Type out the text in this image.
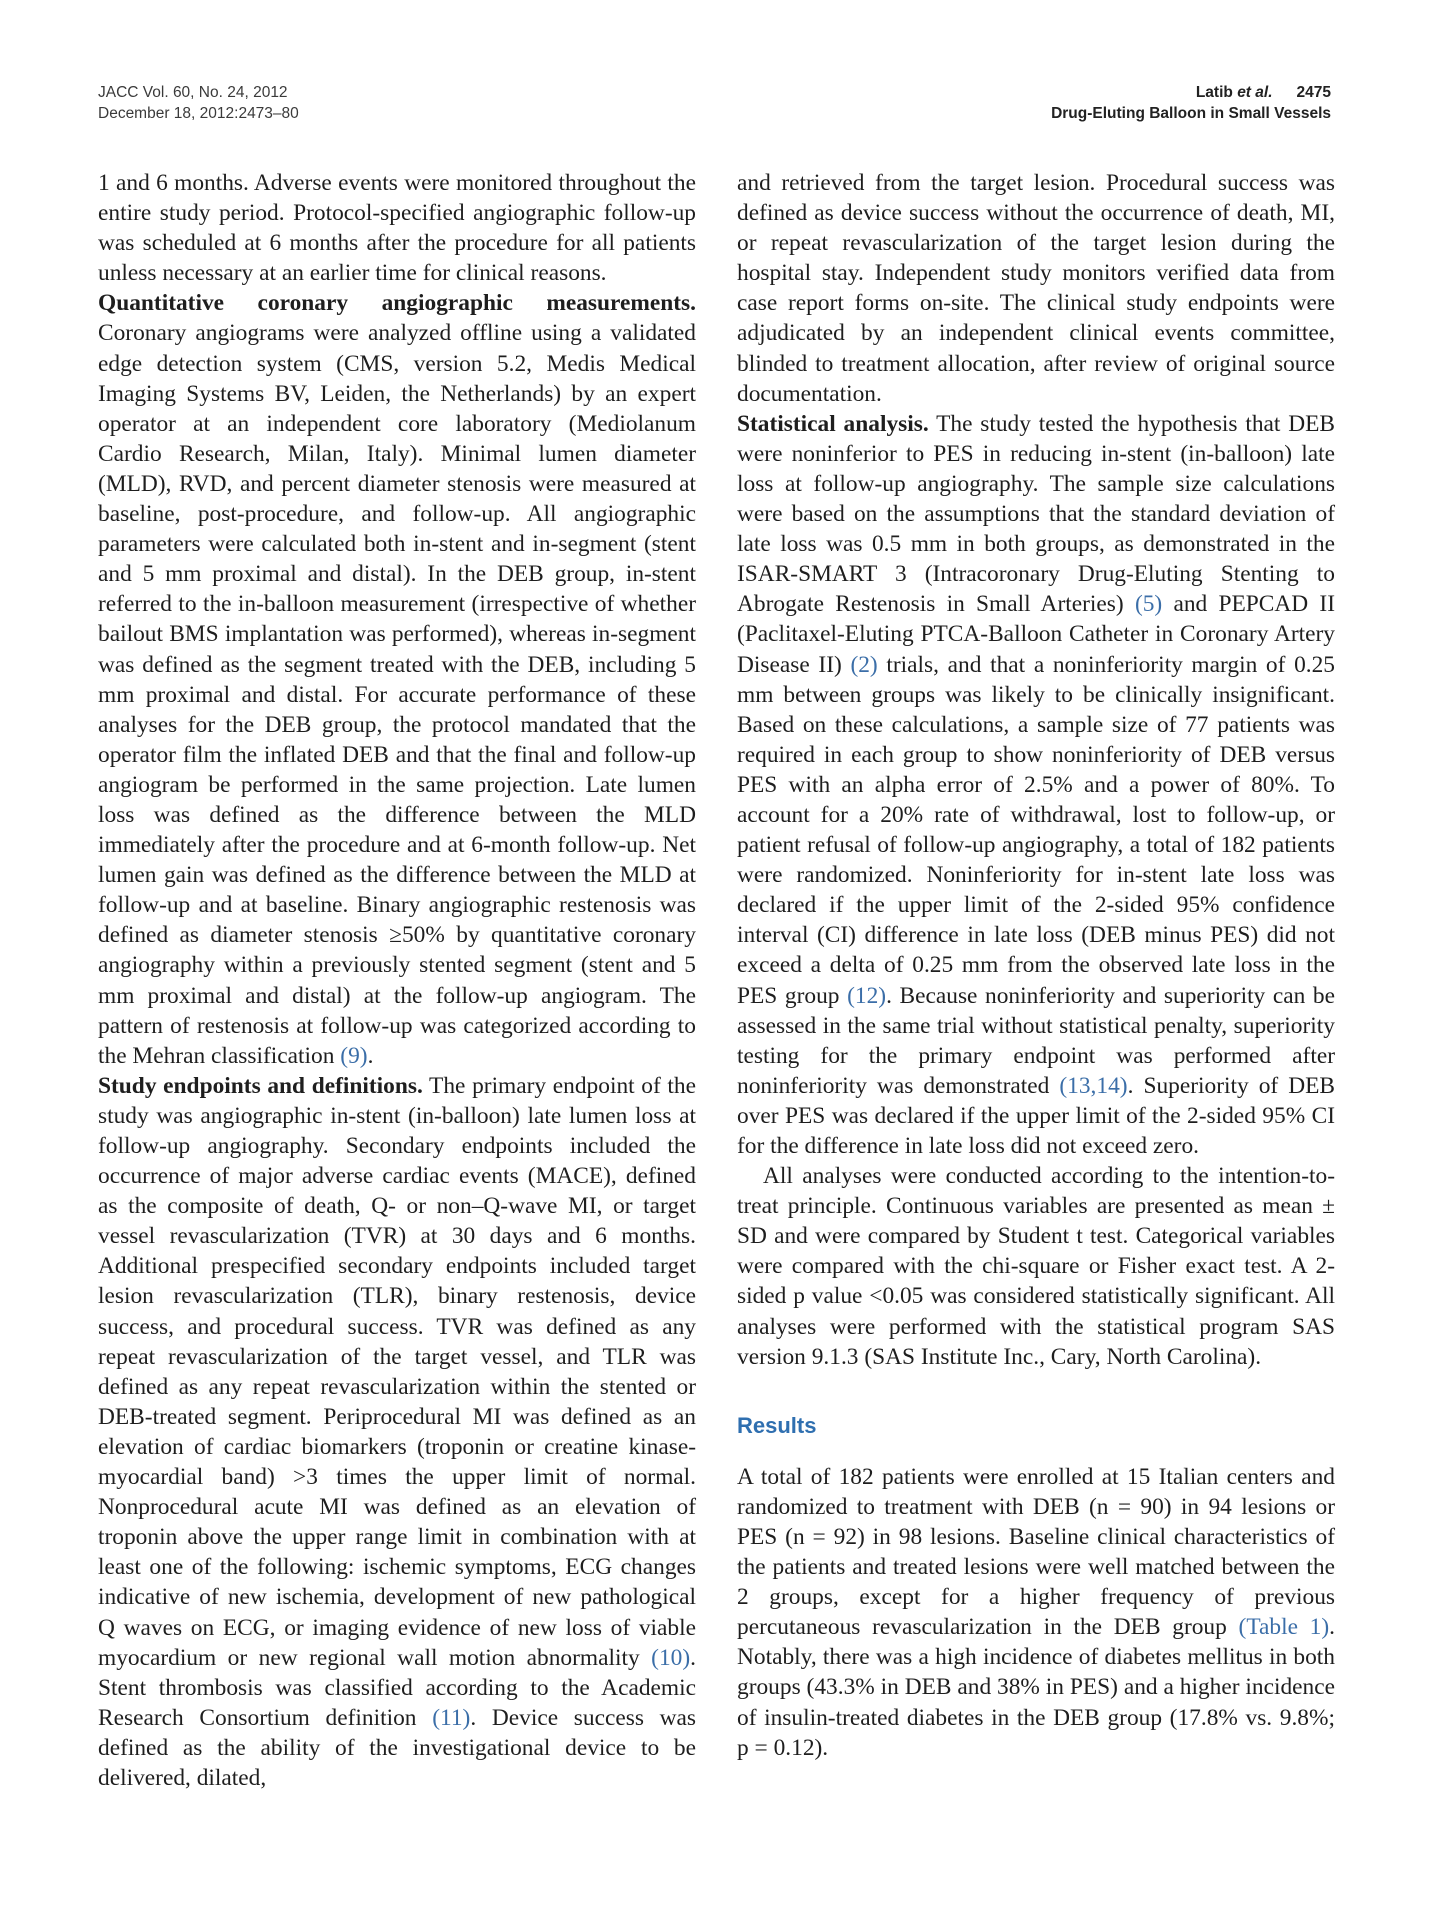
JACC Vol. 60, No. 24, 2012
December 18, 2012:2473–80
Latib et al. 2475
Drug-Eluting Balloon in Small Vessels

1 and 6 months. Adverse events were monitored throughout the entire study period. Protocol-specified angiographic follow-up was scheduled at 6 months after the procedure for all patients unless necessary at an earlier time for clinical reasons.

Quantitative coronary angiographic measurements. Coronary angiograms were analyzed offline using a validated edge detection system (CMS, version 5.2, Medis Medical Imaging Systems BV, Leiden, the Netherlands) by an expert operator at an independent core laboratory (Mediolanum Cardio Research, Milan, Italy). Minimal lumen diameter (MLD), RVD, and percent diameter stenosis were measured at baseline, post-procedure, and follow-up. All angiographic parameters were calculated both in-stent and in-segment (stent and 5 mm proximal and distal). In the DEB group, in-stent referred to the in-balloon measurement (irrespective of whether bailout BMS implantation was performed), whereas in-segment was defined as the segment treated with the DEB, including 5 mm proximal and distal. For accurate performance of these analyses for the DEB group, the protocol mandated that the operator film the inflated DEB and that the final and follow-up angiogram be performed in the same projection. Late lumen loss was defined as the difference between the MLD immediately after the procedure and at 6-month follow-up. Net lumen gain was defined as the difference between the MLD at follow-up and at baseline. Binary angiographic restenosis was defined as diameter stenosis ≥50% by quantitative coronary angiography within a previously stented segment (stent and 5 mm proximal and distal) at the follow-up angiogram. The pattern of restenosis at follow-up was categorized according to the Mehran classification (9).

Study endpoints and definitions. The primary endpoint of the study was angiographic in-stent (in-balloon) late lumen loss at follow-up angiography. Secondary endpoints included the occurrence of major adverse cardiac events (MACE), defined as the composite of death, Q- or non–Q-wave MI, or target vessel revascularization (TVR) at 30 days and 6 months. Additional prespecified secondary endpoints included target lesion revascularization (TLR), binary restenosis, device success, and procedural success. TVR was defined as any repeat revascularization of the target vessel, and TLR was defined as any repeat revascularization within the stented or DEB-treated segment. Periprocedural MI was defined as an elevation of cardiac biomarkers (troponin or creatine kinase-myocardial band) >3 times the upper limit of normal. Nonprocedural acute MI was defined as an elevation of troponin above the upper range limit in combination with at least one of the following: ischemic symptoms, ECG changes indicative of new ischemia, development of new pathological Q waves on ECG, or imaging evidence of new loss of viable myocardium or new regional wall motion abnormality (10). Stent thrombosis was classified according to the Academic Research Consortium definition (11). Device success was defined as the ability of the investigational device to be delivered, dilated,

and retrieved from the target lesion. Procedural success was defined as device success without the occurrence of death, MI, or repeat revascularization of the target lesion during the hospital stay. Independent study monitors verified data from case report forms on-site. The clinical study endpoints were adjudicated by an independent clinical events committee, blinded to treatment allocation, after review of original source documentation.

Statistical analysis. The study tested the hypothesis that DEB were noninferior to PES in reducing in-stent (in-balloon) late loss at follow-up angiography. The sample size calculations were based on the assumptions that the standard deviation of late loss was 0.5 mm in both groups, as demonstrated in the ISAR-SMART 3 (Intracoronary Drug-Eluting Stenting to Abrogate Restenosis in Small Arteries) (5) and PEPCAD II (Paclitaxel-Eluting PTCA-Balloon Catheter in Coronary Artery Disease II) (2) trials, and that a noninferiority margin of 0.25 mm between groups was likely to be clinically insignificant. Based on these calculations, a sample size of 77 patients was required in each group to show noninferiority of DEB versus PES with an alpha error of 2.5% and a power of 80%. To account for a 20% rate of withdrawal, lost to follow-up, or patient refusal of follow-up angiography, a total of 182 patients were randomized. Noninferiority for in-stent late loss was declared if the upper limit of the 2-sided 95% confidence interval (CI) difference in late loss (DEB minus PES) did not exceed a delta of 0.25 mm from the observed late loss in the PES group (12). Because noninferiority and superiority can be assessed in the same trial without statistical penalty, superiority testing for the primary endpoint was performed after noninferiority was demonstrated (13,14). Superiority of DEB over PES was declared if the upper limit of the 2-sided 95% CI for the difference in late loss did not exceed zero.

All analyses were conducted according to the intention-to-treat principle. Continuous variables are presented as mean ± SD and were compared by Student t test. Categorical variables were compared with the chi-square or Fisher exact test. A 2-sided p value <0.05 was considered statistically significant. All analyses were performed with the statistical program SAS version 9.1.3 (SAS Institute Inc., Cary, North Carolina).

Results

A total of 182 patients were enrolled at 15 Italian centers and randomized to treatment with DEB (n = 90) in 94 lesions or PES (n = 92) in 98 lesions. Baseline clinical characteristics of the patients and treated lesions were well matched between the 2 groups, except for a higher frequency of previous percutaneous revascularization in the DEB group (Table 1). Notably, there was a high incidence of diabetes mellitus in both groups (43.3% in DEB and 38% in PES) and a higher incidence of insulin-treated diabetes in the DEB group (17.8% vs. 9.8%; p = 0.12).
